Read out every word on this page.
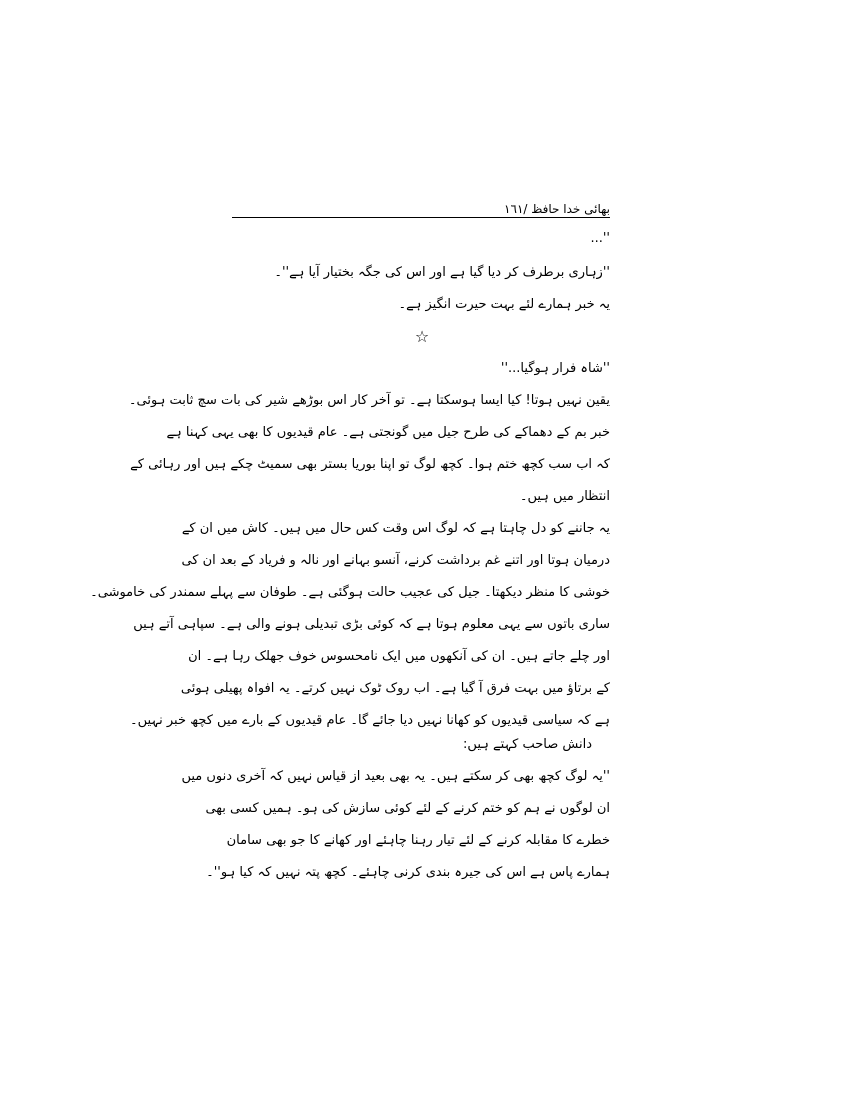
بھائی خدا حافظ /١٦١
''...
''زہاری برطرف کر دیا گیا ہے اور اس کی جگہ بختیار آیا ہے''۔
یہ خبر ہمارے لئے بہت حیرت انگیز ہے۔
☆
''شاہ فرار ہوگیا...''
یقین نہیں ہوتا! کیا ایسا ہوسکتا ہے۔ تو آخر کار اس بوڑھے شیر کی بات سچ ثابت ہوئی۔
خبر بم کے دھماکے کی طرح جیل میں گونجتی ہے۔ عام قیدیوں کا بھی یہی کہنا ہے
کہ اب سب کچھ ختم ہوا۔ کچھ لوگ تو اپنا بوریا بستر بھی سمیٹ چکے ہیں اور رہائی کے
انتظار میں ہیں۔
یہ جاننے کو دل چاہتا ہے کہ لوگ اس وقت کس حال میں ہیں۔ کاش میں ان کے
درمیان ہوتا اور اتنے غم برداشت کرنے، آنسو بہانے اور نالہ و فریاد کے بعد ان کی
خوشی کا منظر دیکھتا۔ جیل کی عجیب حالت ہوگئی ہے۔ طوفان سے پہلے سمندر کی خاموشی۔
ساری باتوں سے یہی معلوم ہوتا ہے کہ کوئی بڑی تبدیلی ہونے والی ہے۔ سپاہی آتے ہیں
اور چلے جاتے ہیں۔ ان کی آنکھوں میں ایک نامحسوس خوف جھلک رہا ہے۔ ان
کے برتاؤ میں بہت فرق آ گیا ہے۔ اب روک ٹوک نہیں کرتے۔ یہ افواہ پھیلی ہوئی
ہے کہ سیاسی قیدیوں کو کھانا نہیں دیا جائے گا۔ عام قیدیوں کے بارے میں کچھ خبر نہیں۔
دانش صاحب کہتے ہیں:
''یہ لوگ کچھ بھی کر سکتے ہیں۔ یہ بھی بعید از قیاس نہیں کہ آخری دنوں میں
ان لوگوں نے ہم کو ختم کرنے کے لئے کوئی سازش کی ہو۔ ہمیں کسی بھی
خطرے کا مقابلہ کرنے کے لئے تیار رہنا چاہئے اور کھانے کا جو بھی سامان
ہمارے پاس ہے اس کی جیرہ بندی کرنی چاہئے۔ کچھ پتہ نہیں کہ کیا ہو''۔
